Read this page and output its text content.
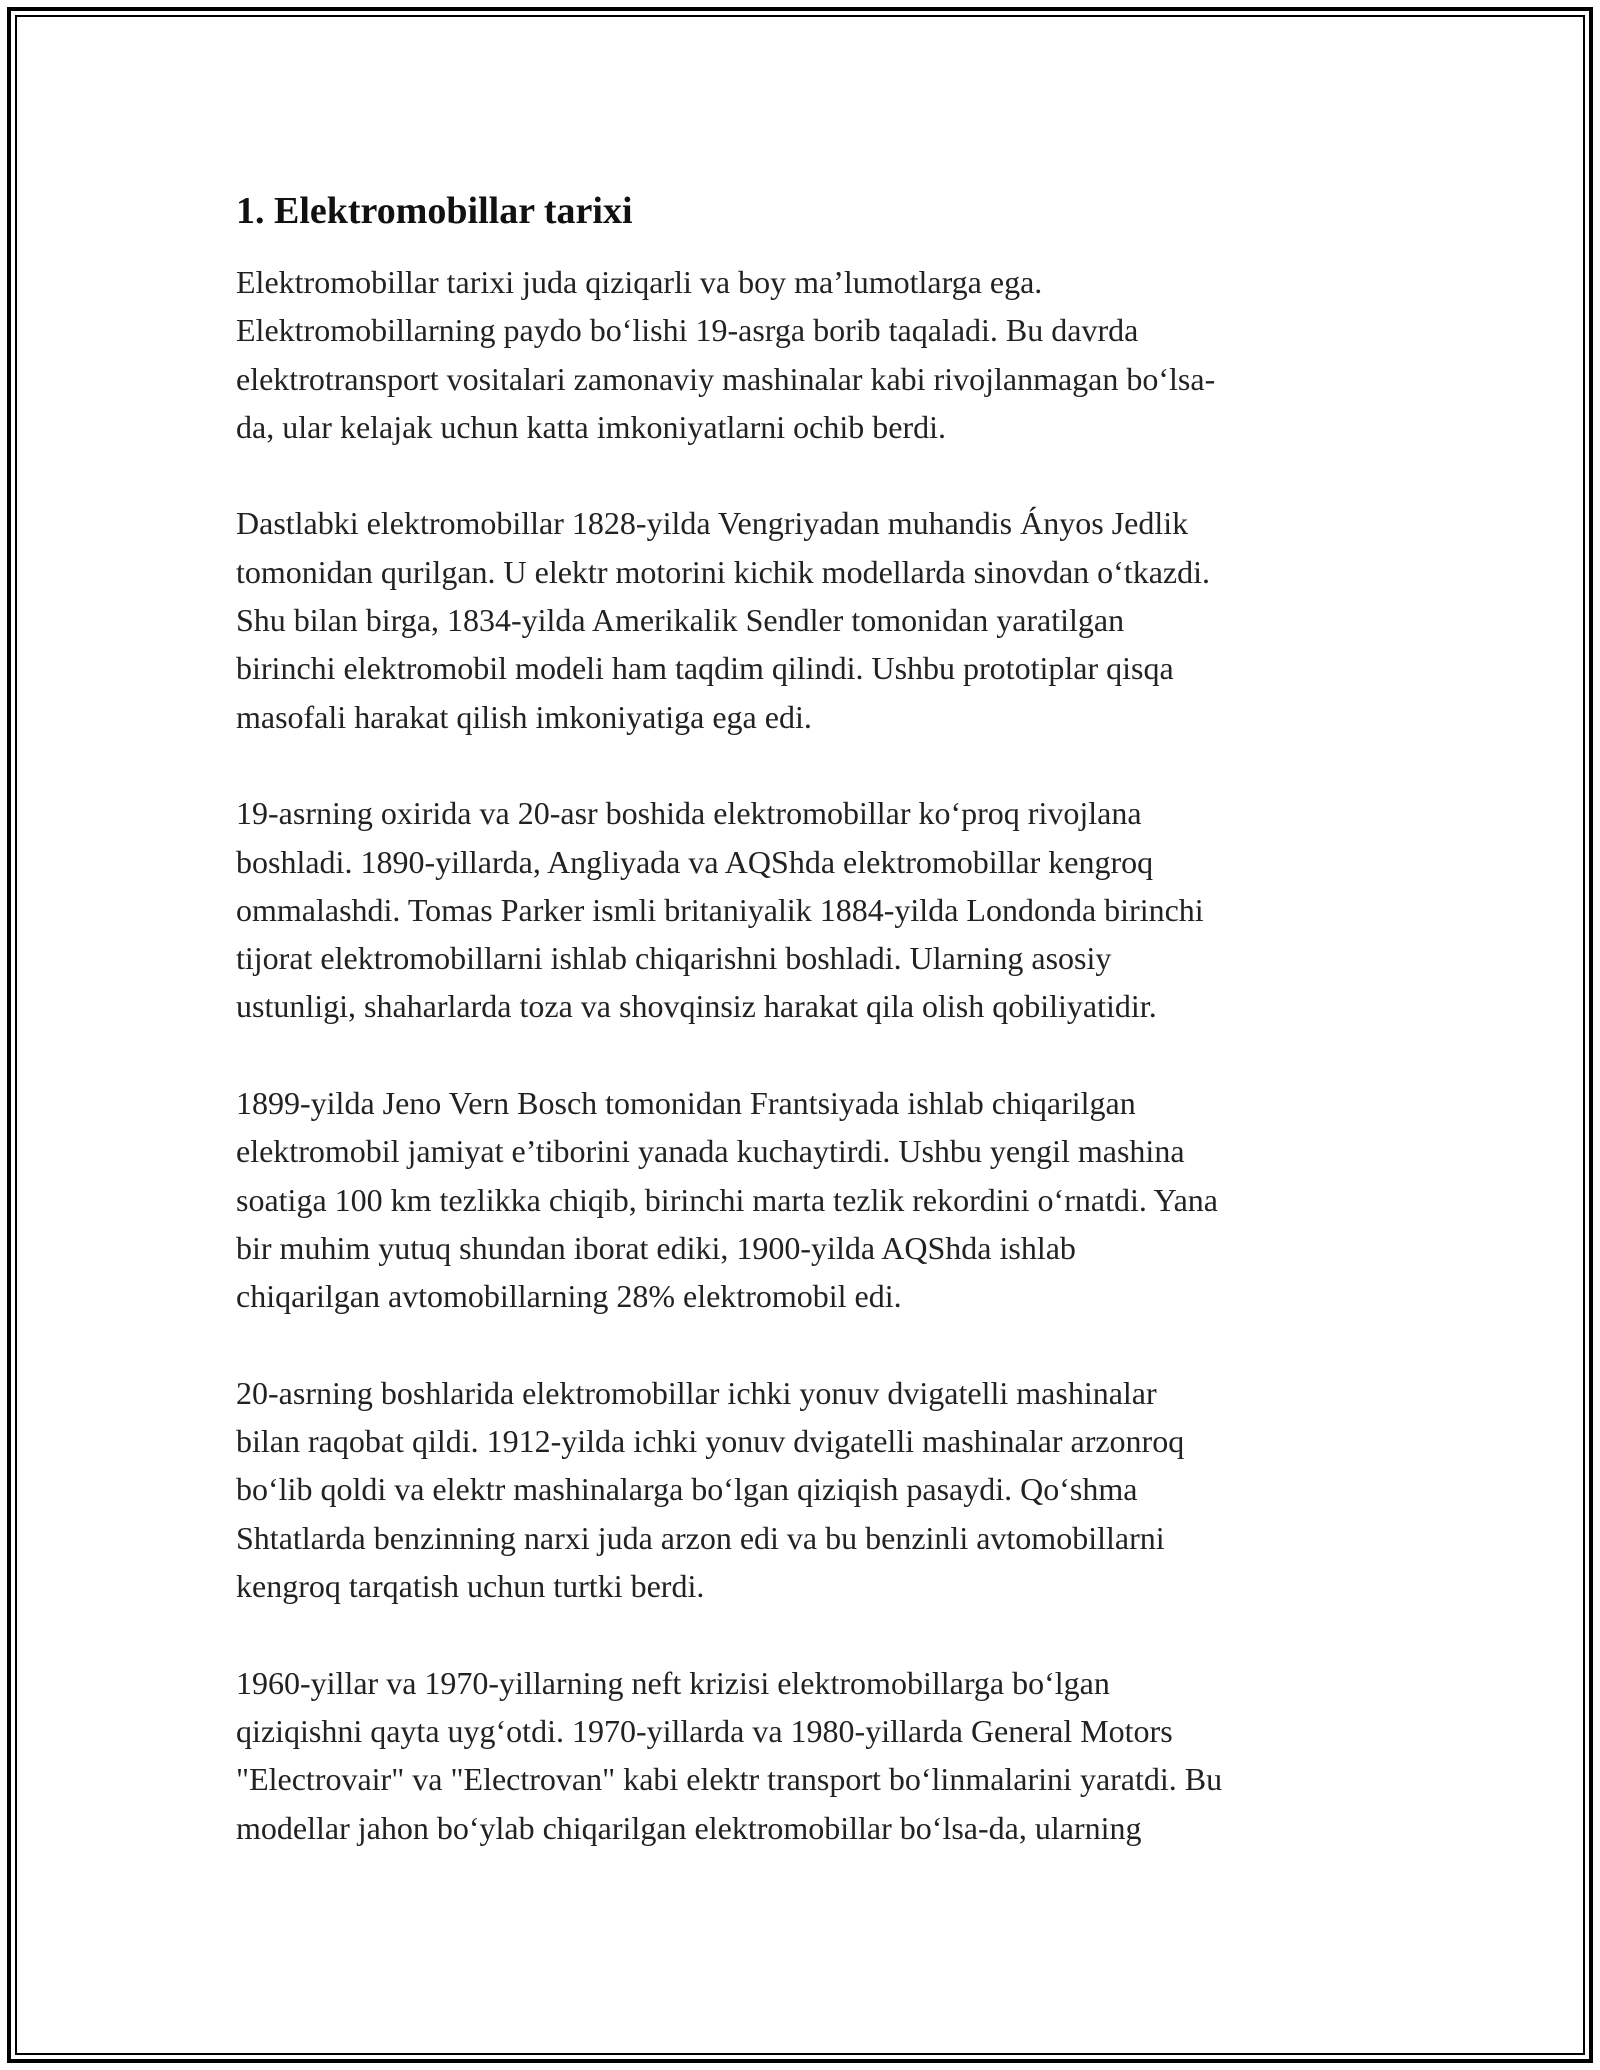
1. Elektromobillar tarixi
Elektromobillar tarixi juda qiziqarli va boy ma’lumotlarga ega.
Elektromobillarning paydo bo‘lishi 19-asrga borib taqaladi. Bu davrda
elektrotransport vositalari zamonaviy mashinalar kabi rivojlanmagan bo‘lsa-
da, ular kelajak uchun katta imkoniyatlarni ochib berdi.
Dastlabki elektromobillar 1828-yilda Vengriyadan muhandis Ányos Jedlik
tomonidan qurilgan. U elektr motorini kichik modellarda sinovdan o‘tkazdi.
Shu bilan birga, 1834-yilda Amerikalik Sendler tomonidan yaratilgan
birinchi elektromobil modeli ham taqdim qilindi. Ushbu prototiplar qisqa
masofali harakat qilish imkoniyatiga ega edi.
19-asrning oxirida va 20-asr boshida elektromobillar ko‘proq rivojlana
boshladi. 1890-yillarda, Angliyada va AQShda elektromobillar kengroq
ommalashdi. Tomas Parker ismli britaniyalik 1884-yilda Londonda birinchi
tijorat elektromobillarni ishlab chiqarishni boshladi. Ularning asosiy
ustunligi, shaharlarda toza va shovqinsiz harakat qila olish qobiliyatidir.
1899-yilda Jeno Vern Bosch tomonidan Frantsiyada ishlab chiqarilgan
elektromobil jamiyat e’tiborini yanada kuchaytirdi. Ushbu yengil mashina
soatiga 100 km tezlikka chiqib, birinchi marta tezlik rekordini o‘rnatdi. Yana
bir muhim yutuq shundan iborat ediki, 1900-yilda AQShda ishlab
chiqarilgan avtomobillarning 28% elektromobil edi.
20-asrning boshlarida elektromobillar ichki yonuv dvigatelli mashinalar
bilan raqobat qildi. 1912-yilda ichki yonuv dvigatelli mashinalar arzonroq
bo‘lib qoldi va elektr mashinalarga bo‘lgan qiziqish pasaydi. Qo‘shma
Shtatlarda benzinning narxi juda arzon edi va bu benzinli avtomobillarni
kengroq tarqatish uchun turtki berdi.
1960-yillar va 1970-yillarning neft krizisi elektromobillarga bo‘lgan
qiziqishni qayta uyg‘otdi. 1970-yillarda va 1980-yillarda General Motors
"Electrovair" va "Electrovan" kabi elektr transport bo‘linmalarini yaratdi. Bu
modellar jahon bo‘ylab chiqarilgan elektromobillar bo‘lsa-da, ularning
